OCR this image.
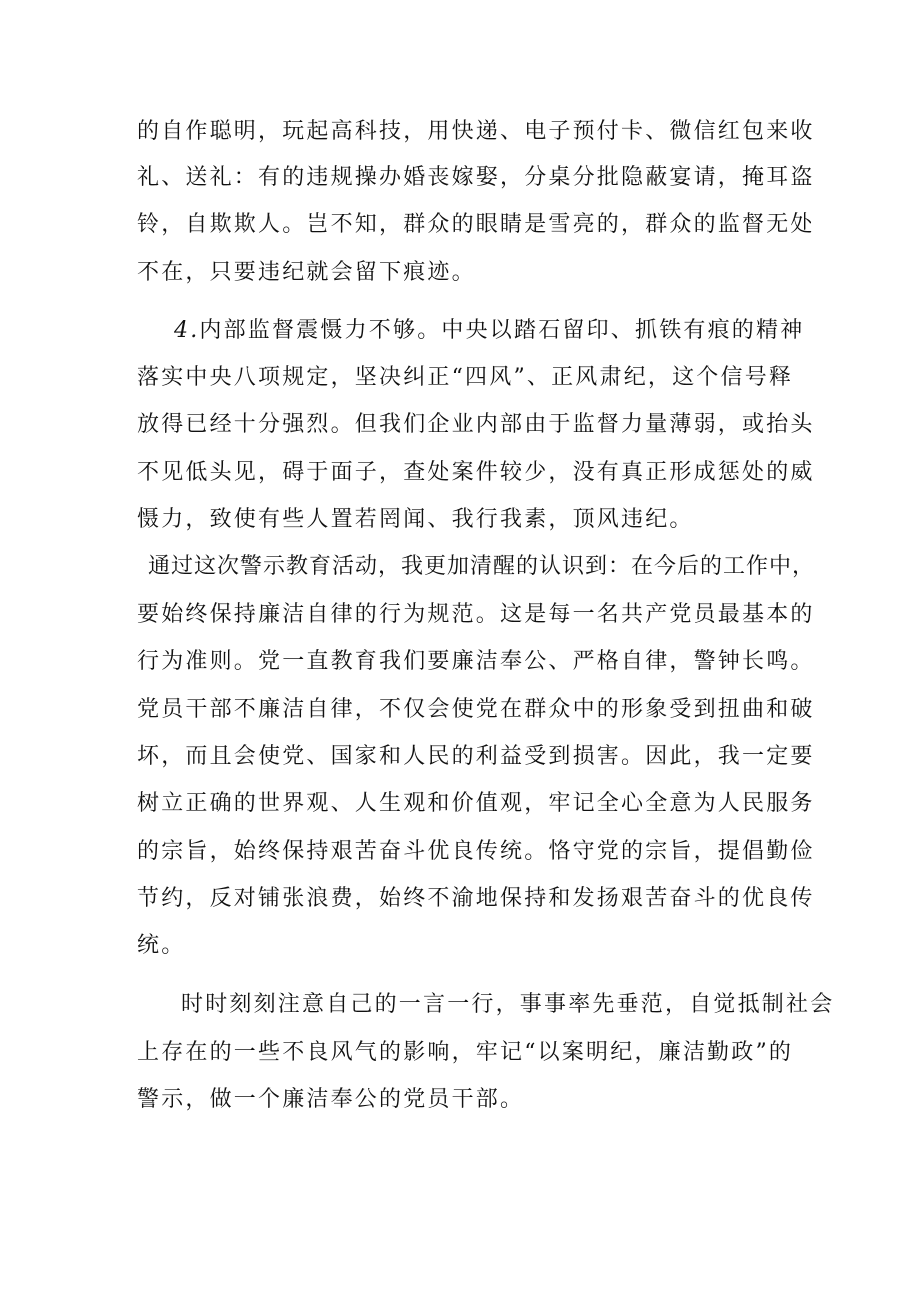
的自作聪明，玩起高科技，用快递、电子预付卡、微信红包来收
礼、送礼：有的违规操办婚丧嫁娶，分桌分批隐蔽宴请，掩耳盗
铃，自欺欺人。岂不知，群众的眼睛是雪亮的，群众的监督无处
不在，只要违纪就会留下痕迹。
4.内部监督震慑力不够。中央以踏石留印、抓铁有痕的精神
落实中央八项规定，坚决纠正“四风”、正风肃纪，这个信号释
放得已经十分强烈。但我们企业内部由于监督力量薄弱，或抬头
不见低头见，碍于面子，查处案件较少，没有真正形成惩处的威
慑力，致使有些人置若罔闻、我行我素，顶风违纪。
通过这次警示教育活动，我更加清醒的认识到：在今后的工作中，
要始终保持廉洁自律的行为规范。这是每一名共产党员最基本的
行为准则。党一直教育我们要廉洁奉公、严格自律，警钟长鸣。
党员干部不廉洁自律，不仅会使党在群众中的形象受到扭曲和破
坏，而且会使党、国家和人民的利益受到损害。因此，我一定要
树立正确的世界观、人生观和价值观，牢记全心全意为人民服务
的宗旨，始终保持艰苦奋斗优良传统。恪守党的宗旨，提倡勤俭
节约，反对铺张浪费，始终不渝地保持和发扬艰苦奋斗的优良传
统。
时时刻刻注意自己的一言一行，事事率先垂范，自觉抵制社会
上存在的一些不良风气的影响，牢记“以案明纪，廉洁勤政”的
警示，做一个廉洁奉公的党员干部。
